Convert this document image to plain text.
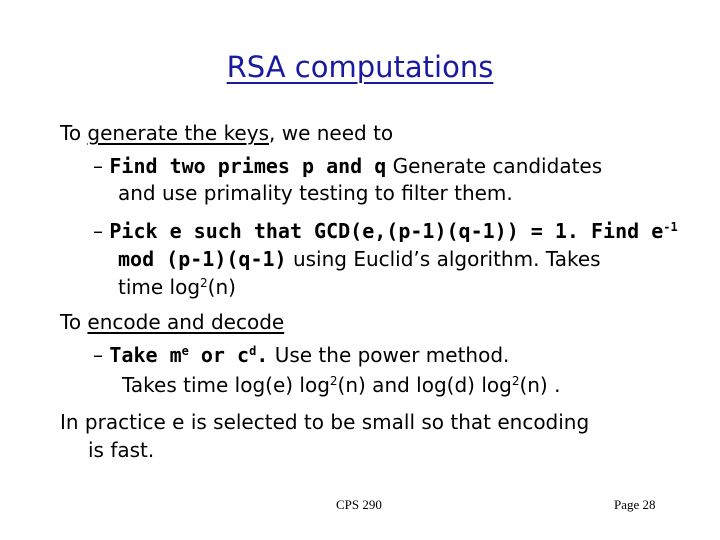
RSA computations
To generate the keys, we need to
– Find two primes p and q Generate candidates
and use primality testing to filter them.
– Pick e such that GCD(e,(p-1)(q-1)) = 1. Find $e^{-1}$
mod (p-1)(q-1) using Euclid’s algorithm. Takes
time $\log^2(n)$
To encode and decode
– Take $m^e$ or $c^d$. Use the power method.
Takes time log(e) $\log^2(n)$ and log(d) $\log^2(n)$ .
In practice e is selected to be small so that encoding
is fast.
CPS 290	Page 28
